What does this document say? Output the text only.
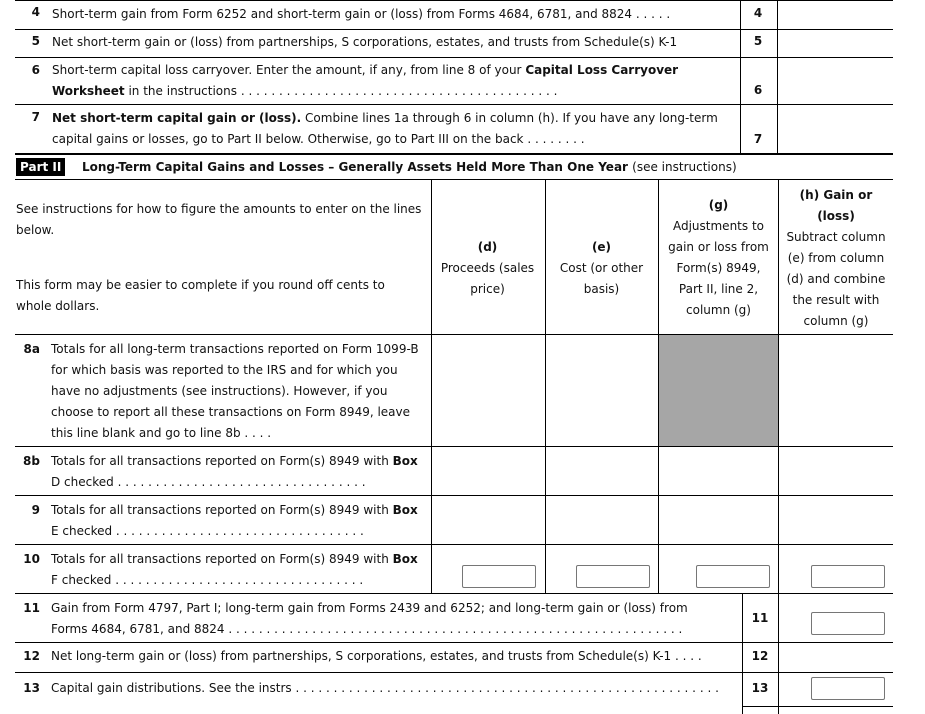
4 Short-term gain from Form 6252 and short-term gain or (loss) from Forms 4684, 6781, and 8824 . . . . .	4
5 Net short-term gain or (loss) from partnerships, S corporations, estates, and trusts from Schedule(s) K-1	5
6 Short-term capital loss carryover. Enter the amount, if any, from line 8 of your Capital Loss Carryover
Worksheet in the instructions . . . . . . . . . . . . . . . . . . . . . . . . . . . . . . . . . . . . . . . . . .	6
7 Net short-term capital gain or (loss). Combine lines 1a through 6 in column (h). If you have any long-term
capital gains or losses, go to Part II below. Otherwise, go to Part III on the back . . . . . . . .	7
Part II	Long-Term Capital Gains and Losses – Generally Assets Held More Than One Year (see instructions)
See instructions for how to figure the amounts to enter on the lines below.
This form may be easier to complete if you round off cents to whole dollars.
(d)
Proceeds (sales price)
(e)
Cost (or other basis)
(g)
Adjustments to gain or loss from Form(s) 8949, Part II, line 2, column (g)
(h) Gain or (loss)
Subtract column (e) from column (d) and combine the result with column (g)
8a Totals for all long-term transactions reported on Form 1099-B for which basis was reported to the IRS and for which you have no adjustments (see instructions). However, if you choose to report all these transactions on Form 8949, leave this line blank and go to line 8b . . . .
8b Totals for all transactions reported on Form(s) 8949 with Box
D checked . . . . . . . . . . . . . . . . . . . . . . . . . . . . . . . . .
9 Totals for all transactions reported on Form(s) 8949 with Box
E checked . . . . . . . . . . . . . . . . . . . . . . . . . . . . . . . . .
10 Totals for all transactions reported on Form(s) 8949 with Box
F checked . . . . . . . . . . . . . . . . . . . . . . . . . . . . . . . . .
11 Gain from Form 4797, Part I; long-term gain from Forms 2439 and 6252; and long-term gain or (loss) from
Forms 4684, 6781, and 8824 . . . . . . . . . . . . . . . . . . . . . . . . . . . . . . . . . . . . . . . . . . . . . . . . . . . . . . . . . . . .
11
12 Net long-term gain or (loss) from partnerships, S corporations, estates, and trusts from Schedule(s) K-1 . . . .	12
13 Capital gain distributions. See the instrs . . . . . . . . . . . . . . . . . . . . . . . . . . . . . . . . . . . . . . . . . . . . . . . . . . . . . . . .	13
